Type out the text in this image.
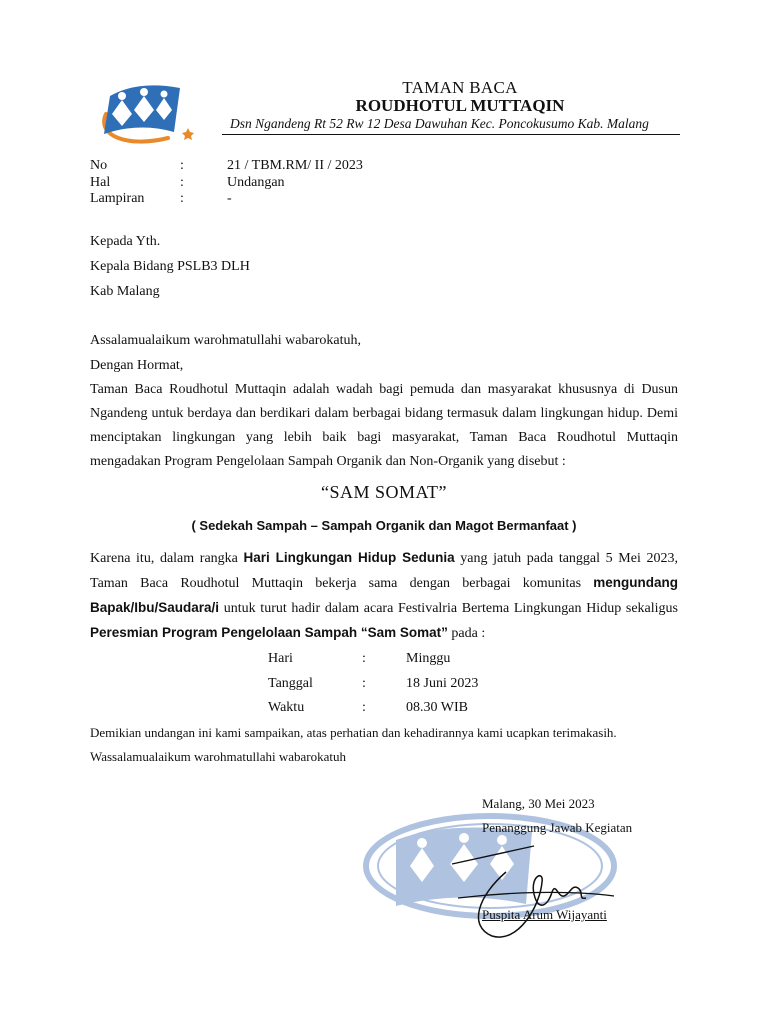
TAMAN BACA
ROUDHOTUL MUTTAQIN
Dsn Ngandeng Rt 52 Rw 12 Desa Dawuhan Kec. Poncokusumo Kab. Malang
No	:	21 / TBM.RM/ II / 2023
Hal	:	Undangan
Lampiran	:	-
Kepada Yth.
Kepala Bidang PSLB3 DLH
Kab Malang
Assalamualaikum warohmatullahi wabarokatuh,
Dengan Hormat,
Taman Baca Roudhotul Muttaqin adalah wadah bagi pemuda dan masyarakat khususnya di Dusun Ngandeng untuk berdaya dan berdikari dalam berbagai bidang termasuk dalam lingkungan hidup. Demi menciptakan lingkungan yang lebih baik bagi masyarakat, Taman Baca Roudhotul Muttaqin mengadakan Program Pengelolaan Sampah Organik dan Non-Organik yang disebut :
“SAM SOMAT”
( Sedekah Sampah – Sampah Organik dan Magot Bermanfaat )
Karena itu, dalam rangka Hari Lingkungan Hidup Sedunia yang jatuh pada tanggal 5 Mei 2023, Taman Baca Roudhotul Muttaqin bekerja sama dengan berbagai komunitas mengundang Bapak/Ibu/Saudara/i untuk turut hadir dalam acara Festivalria Bertema Lingkungan Hidup sekaligus Peresmian Program Pengelolaan Sampah “Sam Somat” pada :
Hari	:	Minggu
Tanggal	:	18 Juni 2023
Waktu	:	08.30 WIB
Demikian undangan ini kami sampaikan, atas perhatian dan kehadirannya kami ucapkan terimakasih.
Wassalamualaikum warohmatullahi wabarokatuh
Malang, 30 Mei 2023
Penanggung Jawab Kegiatan
Puspita Arum Wijayanti
